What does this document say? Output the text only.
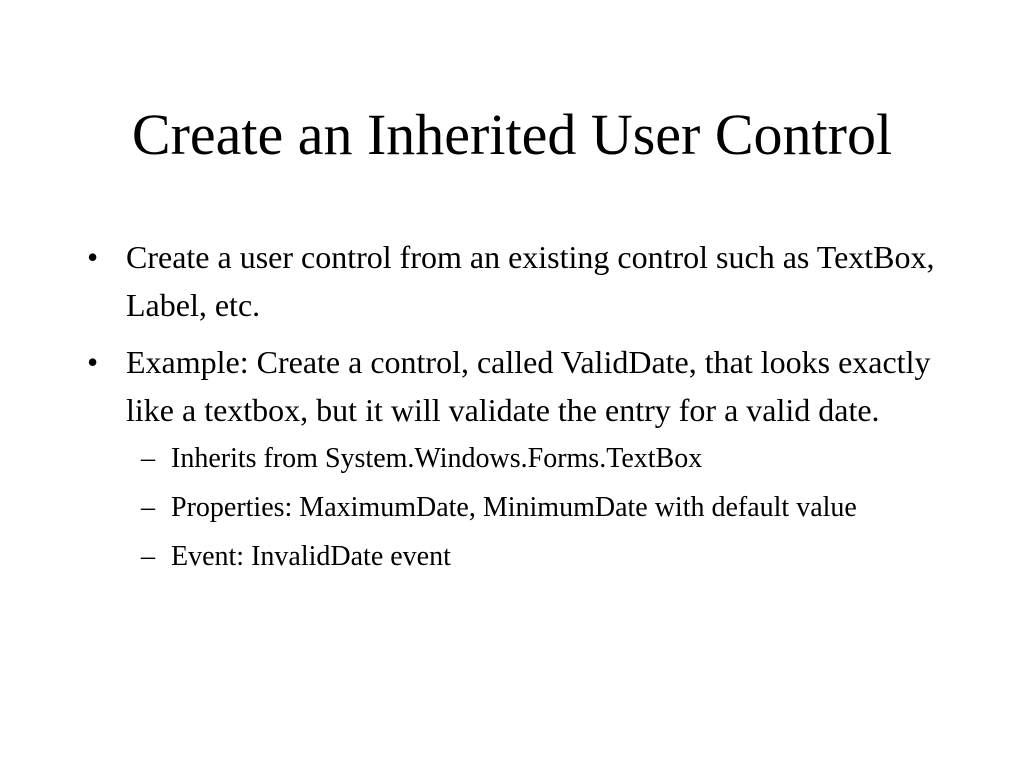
Create an Inherited User Control
• Create a user control from an existing control such as TextBox, Label, etc.
• Example: Create a control, called ValidDate, that looks exactly like a textbox, but it will validate the entry for a valid date.
– Inherits from System.Windows.Forms.TextBox
– Properties: MaximumDate, MinimumDate with default value
– Event: InvalidDate event
